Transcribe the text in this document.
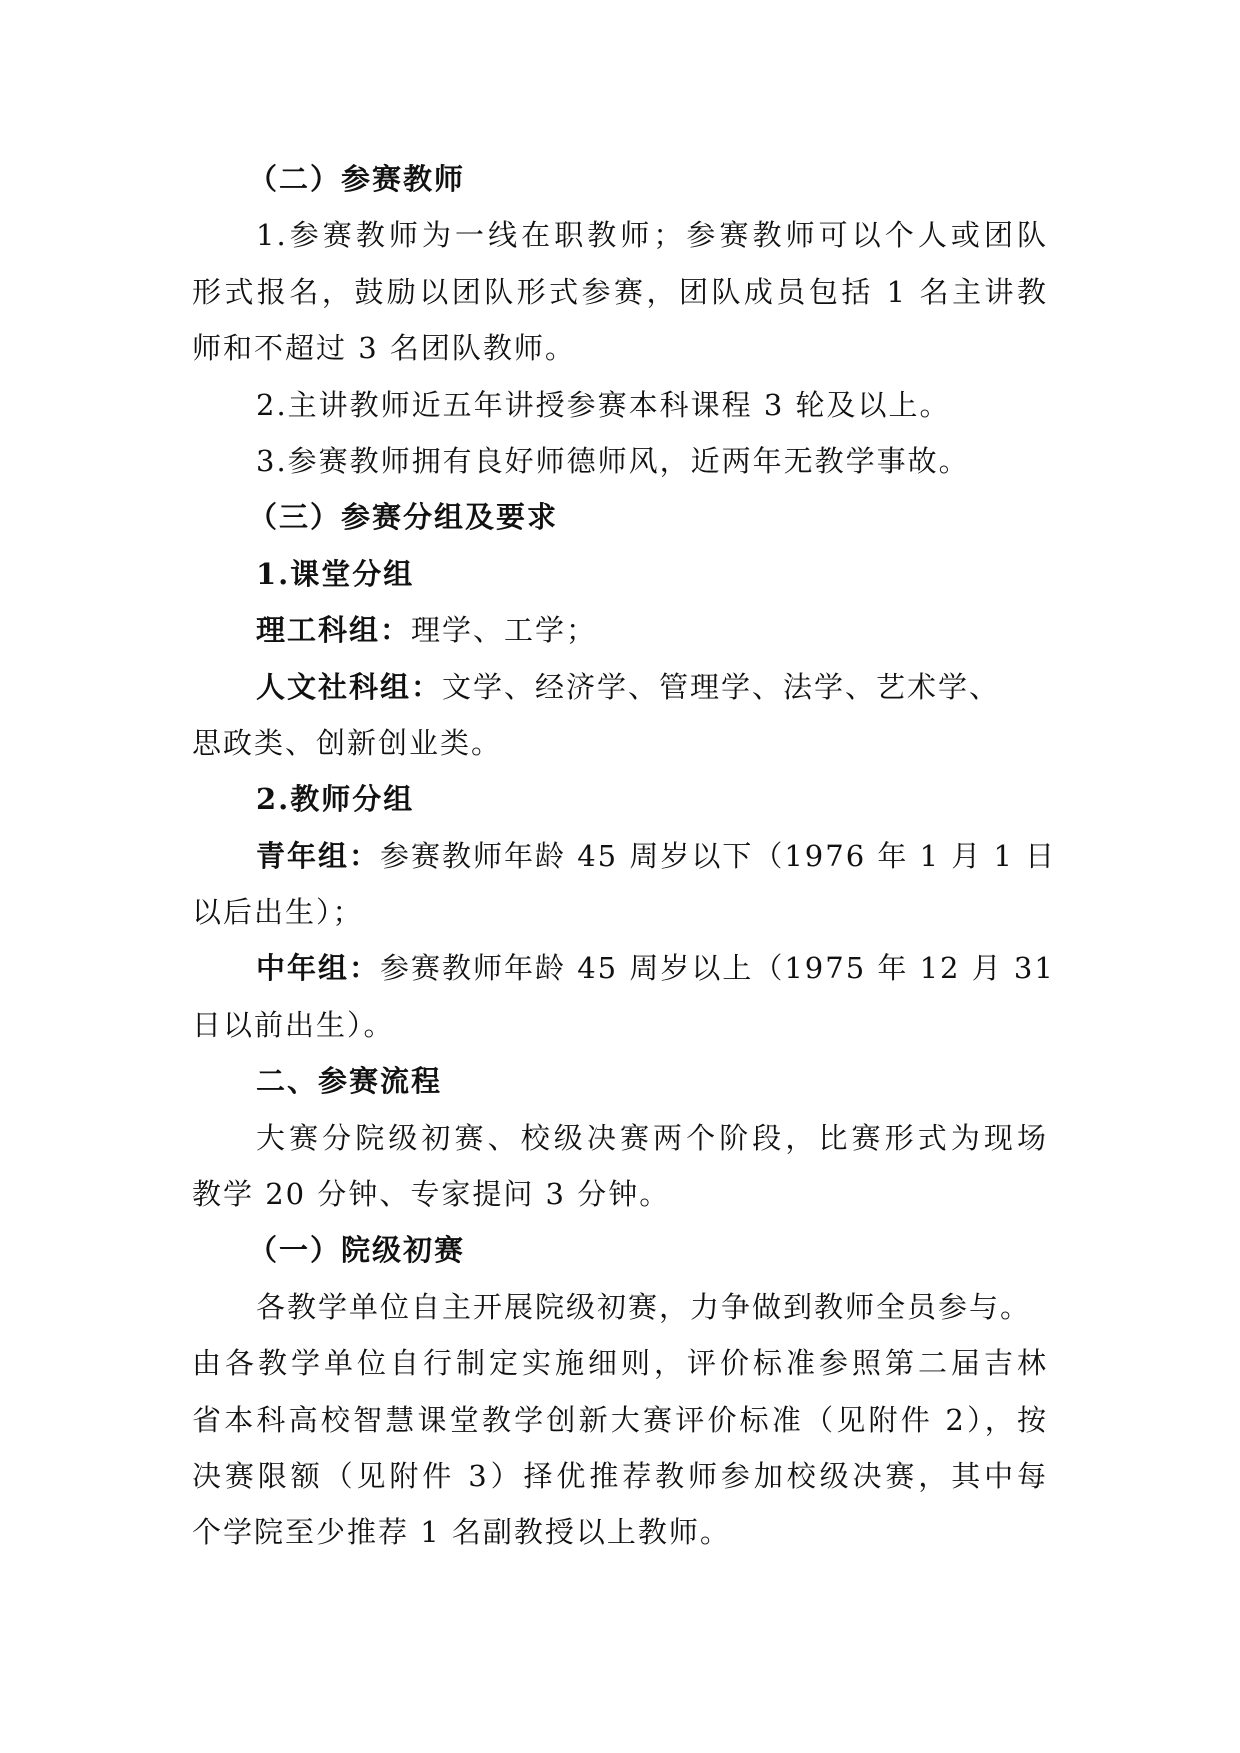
（二）参赛教师
1.参赛教师为一线在职教师；参赛教师可以个人或团队
形式报名，鼓励以团队形式参赛，团队成员包括 1 名主讲教
师和不超过 3 名团队教师。
2.主讲教师近五年讲授参赛本科课程 3 轮及以上。
3.参赛教师拥有良好师德师风，近两年无教学事故。
（三）参赛分组及要求
1.课堂分组
理工科组：理学、工学；
人文社科组：文学、经济学、管理学、法学、艺术学、
思政类、创新创业类。
2.教师分组
青年组：参赛教师年龄 45 周岁以下（1976 年 1 月 1 日
以后出生）；
中年组：参赛教师年龄 45 周岁以上（1975 年 12 月 31
日以前出生）。
二、参赛流程
大赛分院级初赛、校级决赛两个阶段，比赛形式为现场
教学 20 分钟、专家提问 3 分钟。
（一）院级初赛
各教学单位自主开展院级初赛，力争做到教师全员参与。
由各教学单位自行制定实施细则，评价标准参照第二届吉林
省本科高校智慧课堂教学创新大赛评价标准（见附件 2），按
决赛限额（见附件 3）择优推荐教师参加校级决赛，其中每
个学院至少推荐 1 名副教授以上教师。
